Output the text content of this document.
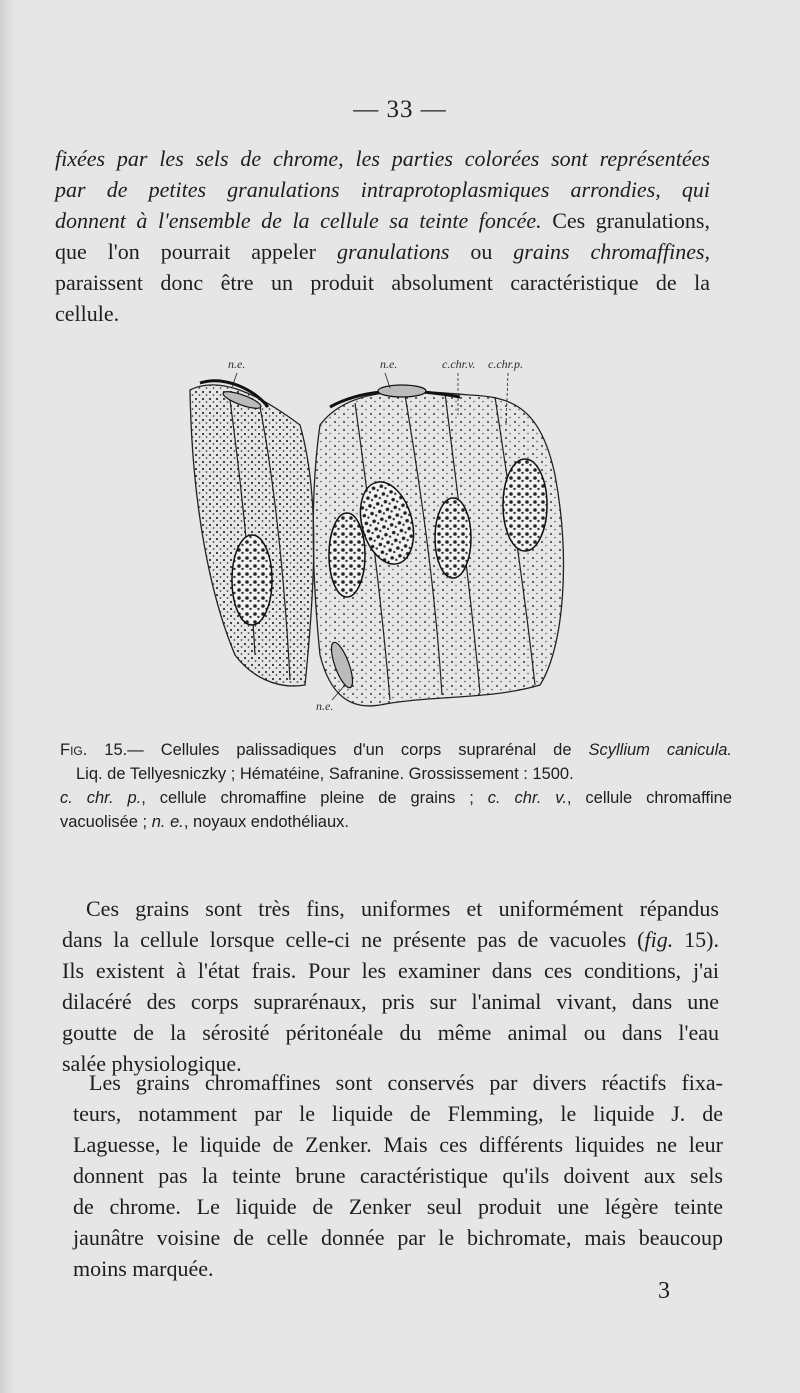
— 33 —

fixées par les sels de chrome, les parties colorées sont représentées
par de petites granulations intraprotoplasmiques arrondies, qui
donnent à l'ensemble de la cellule sa teinte foncée. Ces granulations,
que l'on pourrait appeler granulations ou grains chromaffines,
paraissent donc être un produit absolument caractéristique de la
cellule.

n.e.	n.e.	c.chr.v. c.chr.p.
n.e.

Fig. 15.— Cellules palissadiques d'un corps suprarénal de Scyllium canicula.
Liq. de Tellyesniczky ; Hématéine, Safranine. Grossissement : 1500.
c. chr. p., cellule chromaffine pleine de grains ; c. chr. v., cellule chromaffine
vacuolisée ; n. e., noyaux endothéliaux.

Ces grains sont très fins, uniformes et uniformément répandus
dans la cellule lorsque celle-ci ne présente pas de vacuoles (fig. 15).
Ils existent à l'état frais. Pour les examiner dans ces conditions, j'ai
dilacéré des corps suprarénaux, pris sur l'animal vivant, dans une
goutte de la sérosité péritonéale du même animal ou dans l'eau
salée physiologique.

Les grains chromaffines sont conservés par divers réactifs fixa-
teurs, notamment par le liquide de Flemming, le liquide J. de
Laguesse, le liquide de Zenker. Mais ces différents liquides ne leur
donnent pas la teinte brune caractéristique qu'ils doivent aux sels
de chrome. Le liquide de Zenker seul produit une légère teinte
jaunâtre voisine de celle donnée par le bichromate, mais beaucoup
moins marquée.

3
